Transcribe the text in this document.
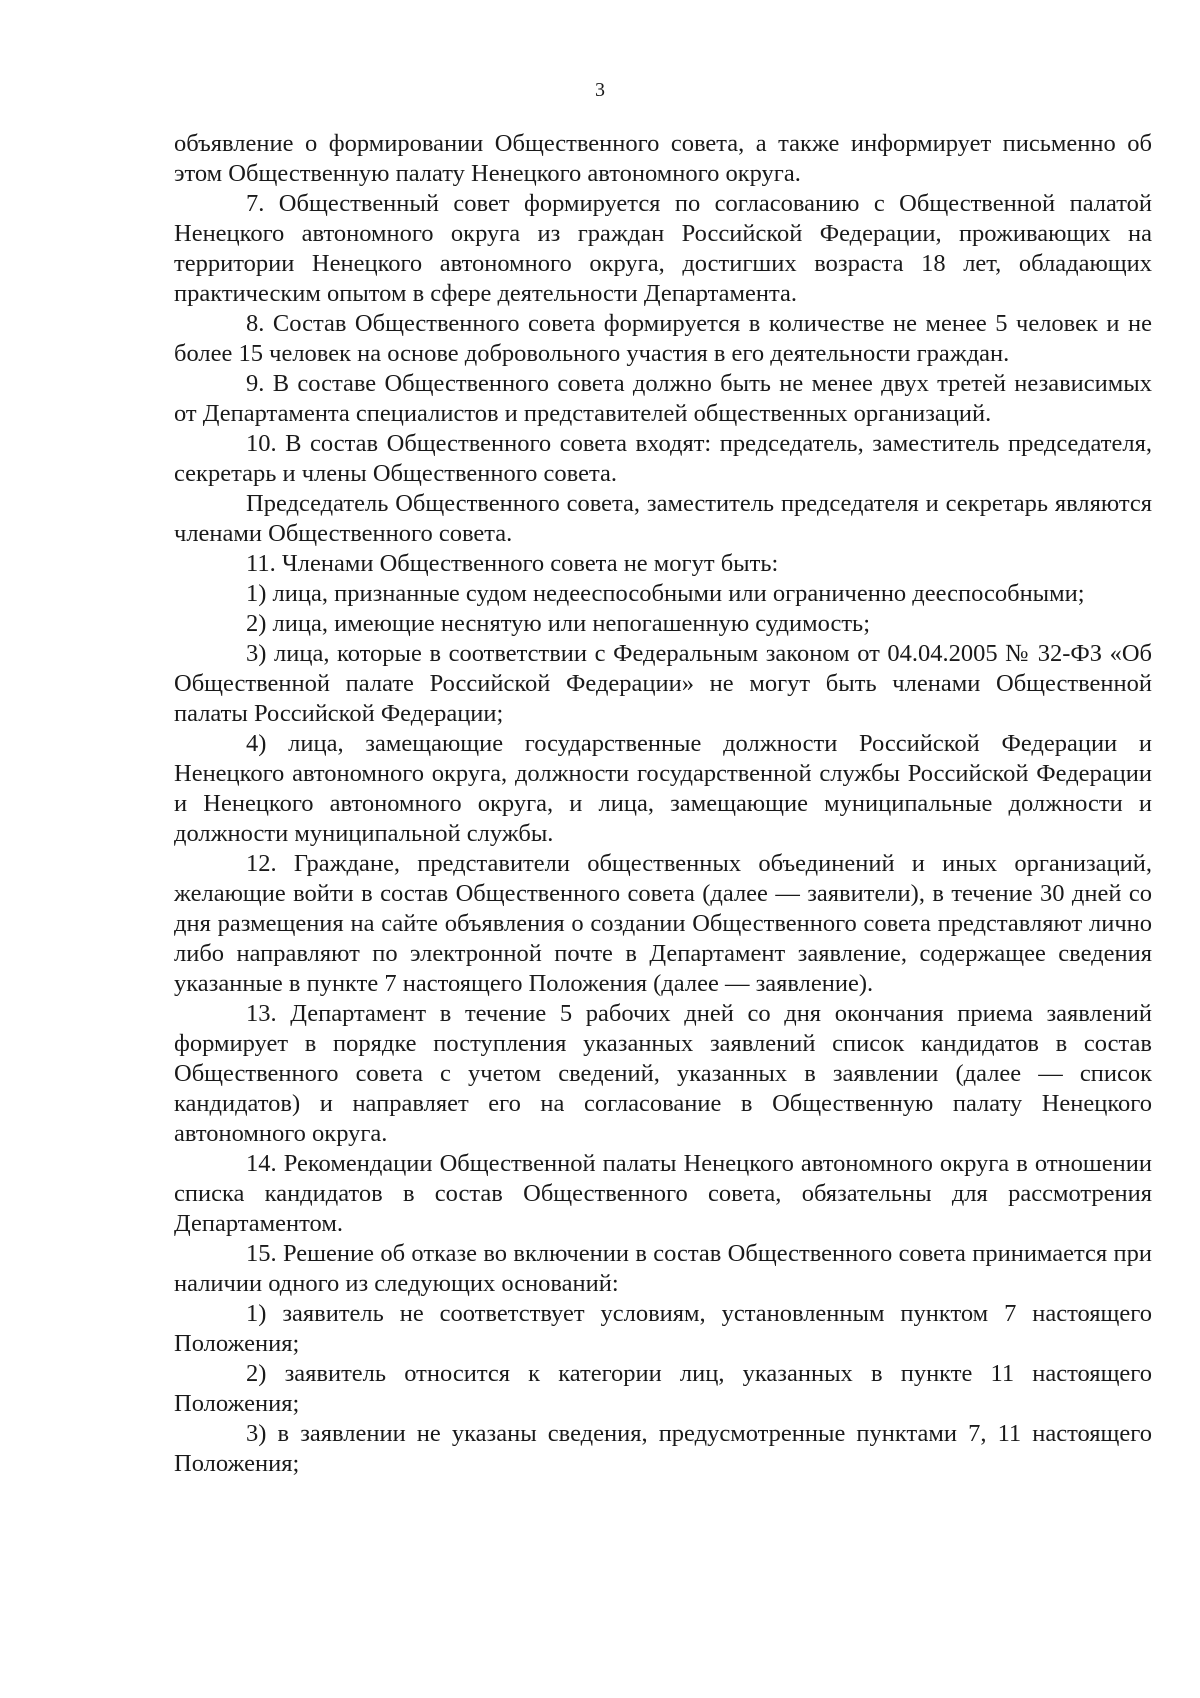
3

объявление о формировании Общественного совета, а также информирует письменно об этом Общественную палату Ненецкого автономного округа.

7. Общественный совет формируется по согласованию с Общественной палатой Ненецкого автономного округа из граждан Российской Федерации, проживающих на территории Ненецкого автономного округа, достигших возраста 18 лет, обладающих практическим опытом в сфере деятельности Департамента.

8. Состав Общественного совета формируется в количестве не менее 5 человек и не более 15 человек на основе добровольного участия в его деятельности граждан.

9. В составе Общественного совета должно быть не менее двух третей независимых от Департамента специалистов и представителей общественных организаций.

10. В состав Общественного совета входят: председатель, заместитель председателя, секретарь и члены Общественного совета.

Председатель Общественного совета, заместитель председателя и секретарь являются членами Общественного совета.

11. Членами Общественного совета не могут быть:

1) лица, признанные судом недееспособными или ограниченно дееспособными;

2) лица, имеющие неснятую или непогашенную судимость;

3) лица, которые в соответствии с Федеральным законом от 04.04.2005 № 32-ФЗ «Об Общественной палате Российской Федерации» не могут быть членами Общественной палаты Российской Федерации;

4) лица, замещающие государственные должности Российской Федерации и Ненецкого автономного округа, должности государственной службы Российской Федерации и Ненецкого автономного округа, и лица, замещающие муниципальные должности и должности муниципальной службы.

12. Граждане, представители общественных объединений и иных организаций, желающие войти в состав Общественного совета (далее — заявители), в течение 30 дней со дня размещения на сайте объявления о создании Общественного совета представляют лично либо направляют по электронной почте в Департамент заявление, содержащее сведения указанные в пункте 7 настоящего Положения (далее — заявление).

13. Департамент в течение 5 рабочих дней со дня окончания приема заявлений формирует в порядке поступления указанных заявлений список кандидатов в состав Общественного совета с учетом сведений, указанных в заявлении (далее — список кандидатов) и направляет его на согласование в Общественную палату Ненецкого автономного округа.

14. Рекомендации Общественной палаты Ненецкого автономного округа в отношении списка кандидатов в состав Общественного совета, обязательны для рассмотрения Департаментом.

15. Решение об отказе во включении в состав Общественного совета принимается при наличии одного из следующих оснований:

1) заявитель не соответствует условиям, установленным пунктом 7 настоящего Положения;

2) заявитель относится к категории лиц, указанных в пункте 11 настоящего Положения;

3) в заявлении не указаны сведения, предусмотренные пунктами 7, 11 настоящего Положения;
